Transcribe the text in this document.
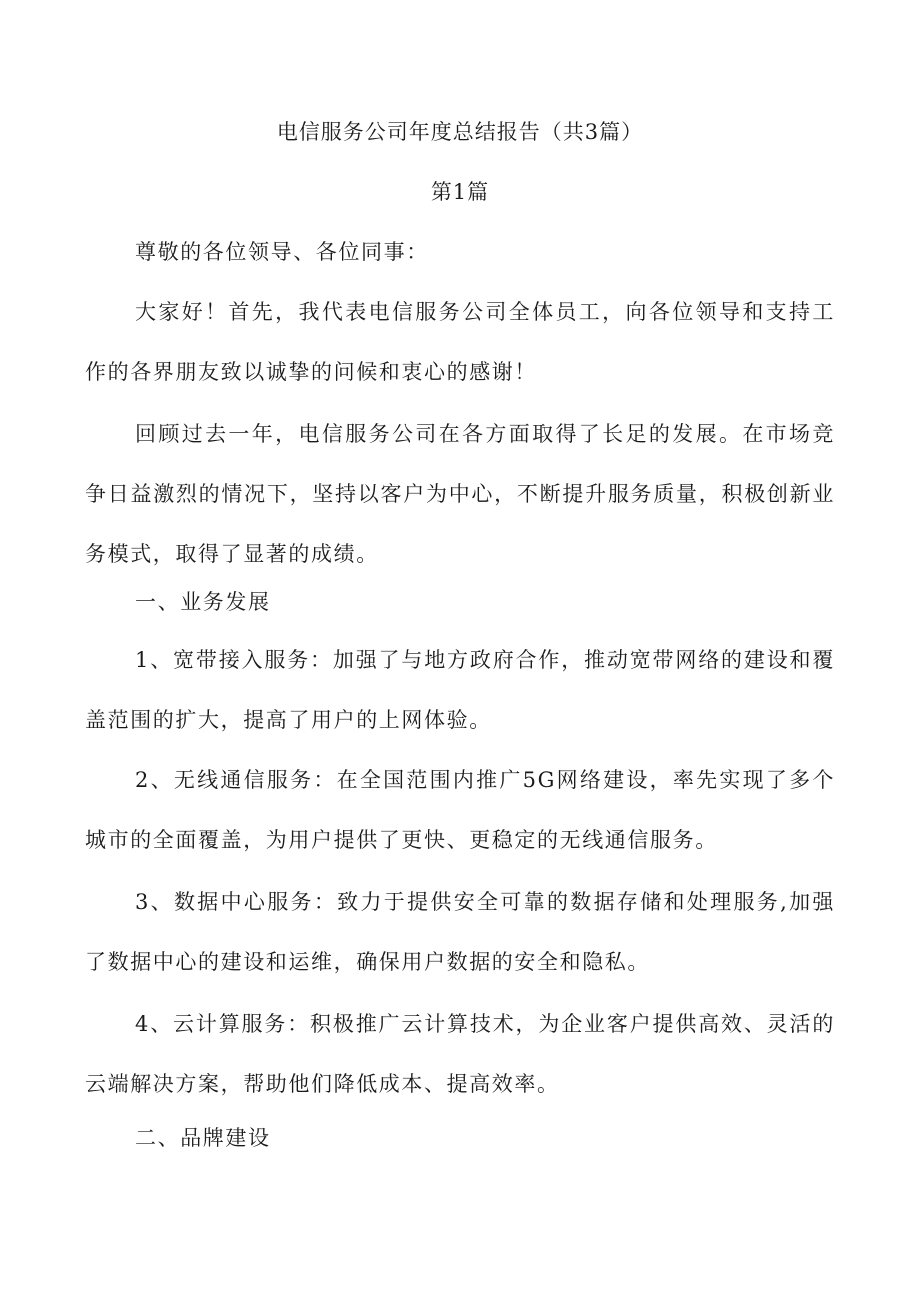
电信服务公司年度总结报告（共3篇）
第1篇

尊敬的各位领导、各位同事：

大家好！首先，我代表电信服务公司全体员工，向各位领导和支持工作的各界朋友致以诚挚的问候和衷心的感谢！

回顾过去一年，电信服务公司在各方面取得了长足的发展。在市场竞争日益激烈的情况下，坚持以客户为中心，不断提升服务质量，积极创新业务模式，取得了显著的成绩。

一、业务发展

1、宽带接入服务：加强了与地方政府合作，推动宽带网络的建设和覆盖范围的扩大，提高了用户的上网体验。

2、无线通信服务：在全国范围内推广5G网络建设，率先实现了多个城市的全面覆盖，为用户提供了更快、更稳定的无线通信服务。

3、数据中心服务：致力于提供安全可靠的数据存储和处理服务,加强了数据中心的建设和运维，确保用户数据的安全和隐私。

4、云计算服务：积极推广云计算技术，为企业客户提供高效、灵活的云端解决方案，帮助他们降低成本、提高效率。

二、品牌建设
